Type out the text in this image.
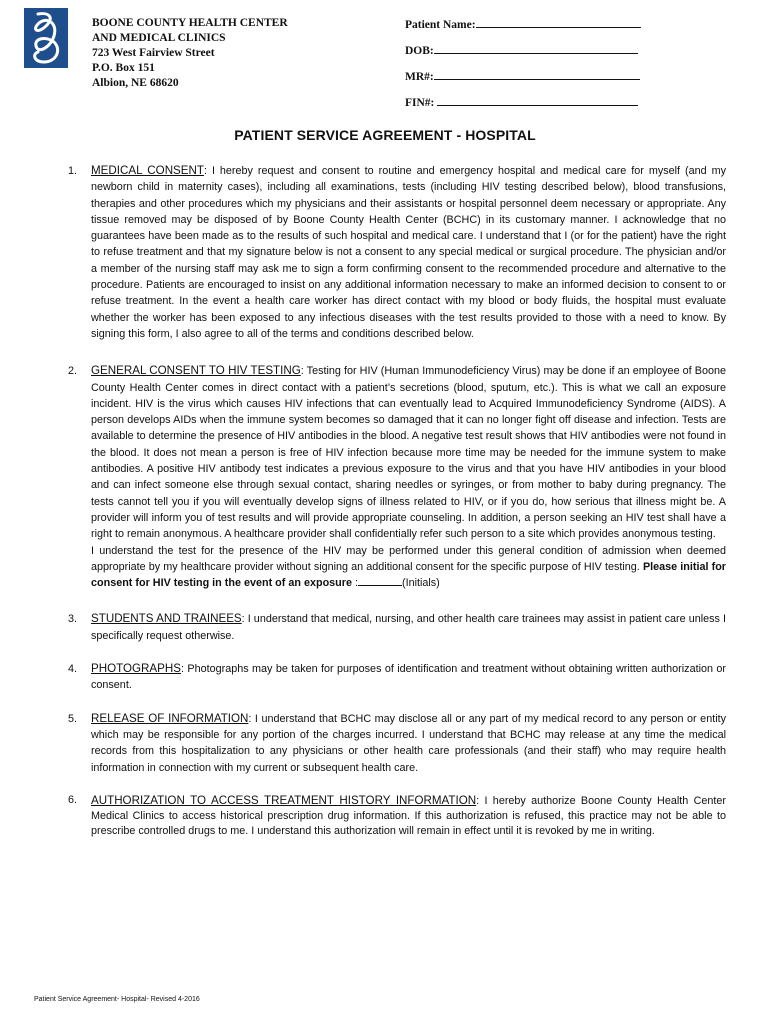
BOONE COUNTY HEALTH CENTER
AND MEDICAL CLINICS
723 West Fairview Street
P.O. Box 151
Albion, NE 68620
Patient Name:
DOB:
MR#:
FIN#:
PATIENT SERVICE AGREEMENT - HOSPITAL
1. MEDICAL CONSENT: I hereby request and consent to routine and emergency hospital and medical care for myself (and my newborn child in maternity cases), including all examinations, tests (including HIV testing described below), blood transfusions, therapies and other procedures which my physicians and their assistants or hospital personnel deem necessary or appropriate. Any tissue removed may be disposed of by Boone County Health Center (BCHC) in its customary manner. I acknowledge that no guarantees have been made as to the results of such hospital and medical care. I understand that I (or for the patient) have the right to refuse treatment and that my signature below is not a consent to any special medical or surgical procedure. The physician and/or a member of the nursing staff may ask me to sign a form confirming consent to the recommended procedure and alternative to the procedure. Patients are encouraged to insist on any additional information necessary to make an informed decision to consent to or refuse treatment. In the event a health care worker has direct contact with my blood or body fluids, the hospital must evaluate whether the worker has been exposed to any infectious diseases with the test results provided to those with a need to know. By signing this form, I also agree to all of the terms and conditions described below.
2. GENERAL CONSENT TO HIV TESTING: Testing for HIV (Human Immunodeficiency Virus) may be done if an employee of Boone County Health Center comes in direct contact with a patient’s secretions (blood, sputum, etc.). This is what we call an exposure incident. HIV is the virus which causes HIV infections that can eventually lead to Acquired Immunodeficiency Syndrome (AIDS). A person develops AIDs when the immune system becomes so damaged that it can no longer fight off disease and infection. Tests are available to determine the presence of HIV antibodies in the blood. A negative test result shows that HIV antibodies were not found in the blood. It does not mean a person is free of HIV infection because more time may be needed for the immune system to make antibodies. A positive HIV antibody test indicates a previous exposure to the virus and that you have HIV antibodies in your blood and can infect someone else through sexual contact, sharing needles or syringes, or from mother to baby during pregnancy. The tests cannot tell you if you will eventually develop signs of illness related to HIV, or if you do, how serious that illness might be. A provider will inform you of test results and will provide appropriate counseling. In addition, a person seeking an HIV test shall have a right to remain anonymous. A healthcare provider shall confidentially refer such person to a site which provides anonymous testing.
I understand the test for the presence of the HIV may be performed under this general condition of admission when deemed appropriate by my healthcare provider without signing an additional consent for the specific purpose of HIV testing. Please initial for consent for HIV testing in the event of an exposure :	(Initials)
3. STUDENTS AND TRAINEES: I understand that medical, nursing, and other health care trainees may assist in patient care unless I specifically request otherwise.
4. PHOTOGRAPHS: Photographs may be taken for purposes of identification and treatment without obtaining written authorization or consent.
5. RELEASE OF INFORMATION: I understand that BCHC may disclose all or any part of my medical record to any person or entity which may be responsible for any portion of the charges incurred. I understand that BCHC may release at any time the medical records from this hospitalization to any physicians or other health care professionals (and their staff) who may require health information in connection with my current or subsequent health care.
6. AUTHORIZATION TO ACCESS TREATMENT HISTORY INFORMATION: I hereby authorize Boone County Health Center Medical Clinics to access historical prescription drug information. If this authorization is refused, this practice may not be able to prescribe controlled drugs to me. I understand this authorization will remain in effect until it is revoked by me in writing.
Patient Service Agreement- Hospital- Revised 4-2016
